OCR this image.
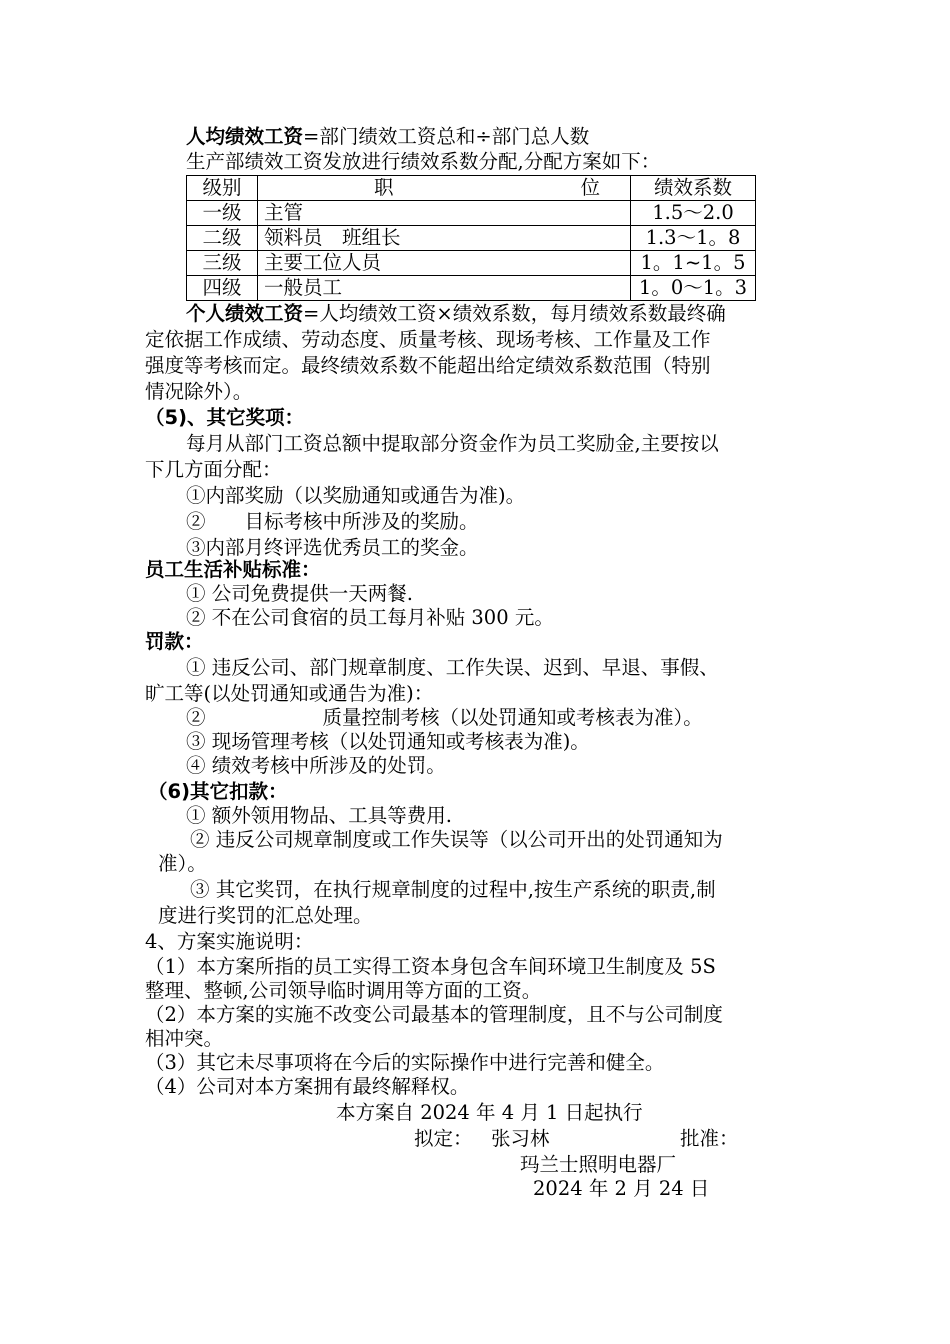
人均绩效工资=部门绩效工资总和÷部门总人数
生产部绩效工资发放进行绩效系数分配,分配方案如下：
级别	职 位	绩效系数
一级	主管	1.5～2.0
二级	领料员　班组长	1.3～1。8
三级	主要工位人员	1。1~1。5
四级	一般员工	1。0～1。3
个人绩效工资=人均绩效工资×绩效系数，每月绩效系数最终确
定依据工作成绩、劳动态度、质量考核、现场考核、工作量及工作
强度等考核而定。最终绩效系数不能超出给定绩效系数范围（特别
情况除外）。
（5)、其它奖项：
每月从部门工资总额中提取部分资金作为员工奖励金,主要按以
下几方面分配：
①内部奖励（以奖励通知或通告为准)。
②　　目标考核中所涉及的奖励。
③内部月终评选优秀员工的奖金。
员工生活补贴标准：
① 公司免费提供一天两餐.
② 不在公司食宿的员工每月补贴 300 元。
罚款：
① 违反公司、部门规章制度、工作失误、迟到、早退、事假、
旷工等(以处罚通知或通告为准)：
②　　　　　　质量控制考核（以处罚通知或考核表为准）。
③ 现场管理考核（以处罚通知或考核表为准)。
④ 绩效考核中所涉及的处罚。
（6)其它扣款：
① 额外领用物品、工具等费用.
② 违反公司规章制度或工作失误等（以公司开出的处罚通知为
准）。
③ 其它奖罚，在执行规章制度的过程中,按生产系统的职责,制
度进行奖罚的汇总处理。
4、方案实施说明：
（1）本方案所指的员工实得工资本身包含车间环境卫生制度及 5S
整理、整顿,公司领导临时调用等方面的工资。
（2）本方案的实施不改变公司最基本的管理制度，且不与公司制度
相冲突。
（3）其它未尽事项将在今后的实际操作中进行完善和健全。
（4）公司对本方案拥有最终解释权。
本方案自 2024 年 4 月 1 日起执行
拟定： 张习林	批准：
玛兰士照明电器厂
2024 年 2 月 24 日
